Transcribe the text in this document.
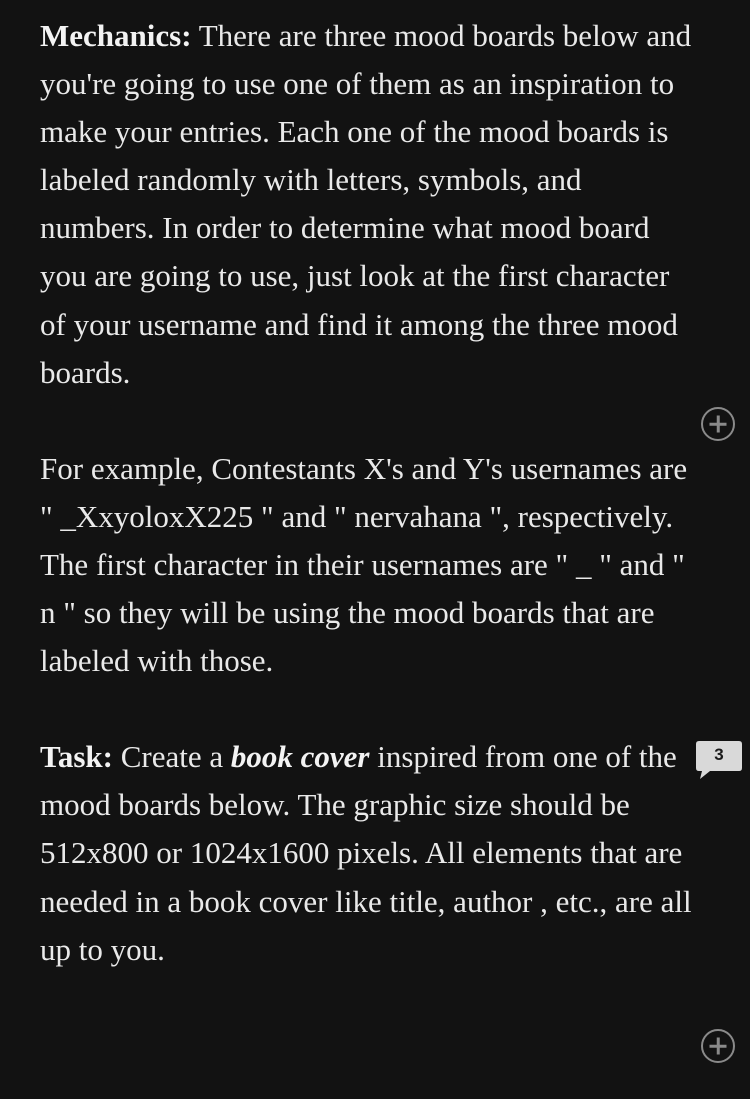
Mechanics: There are three mood boards below and you're going to use one of them as an inspiration to make your entries. Each one of the mood boards is labeled randomly with letters, symbols, and numbers. In order to determine what mood board you are going to use, just look at the first character of your username and find it among the three mood boards.

For example, Contestants X's and Y's usernames are " _XxyoloxX225 " and " nervahana ", respectively. The first character in their usernames are " _ " and " n " so they will be using the mood boards that are labeled with those.

Task: Create a book cover inspired from one of the mood boards below. The graphic size should be 512x800 or 1024x1600 pixels. All elements that are needed in a book cover like title, author , etc., are all up to you.

3
